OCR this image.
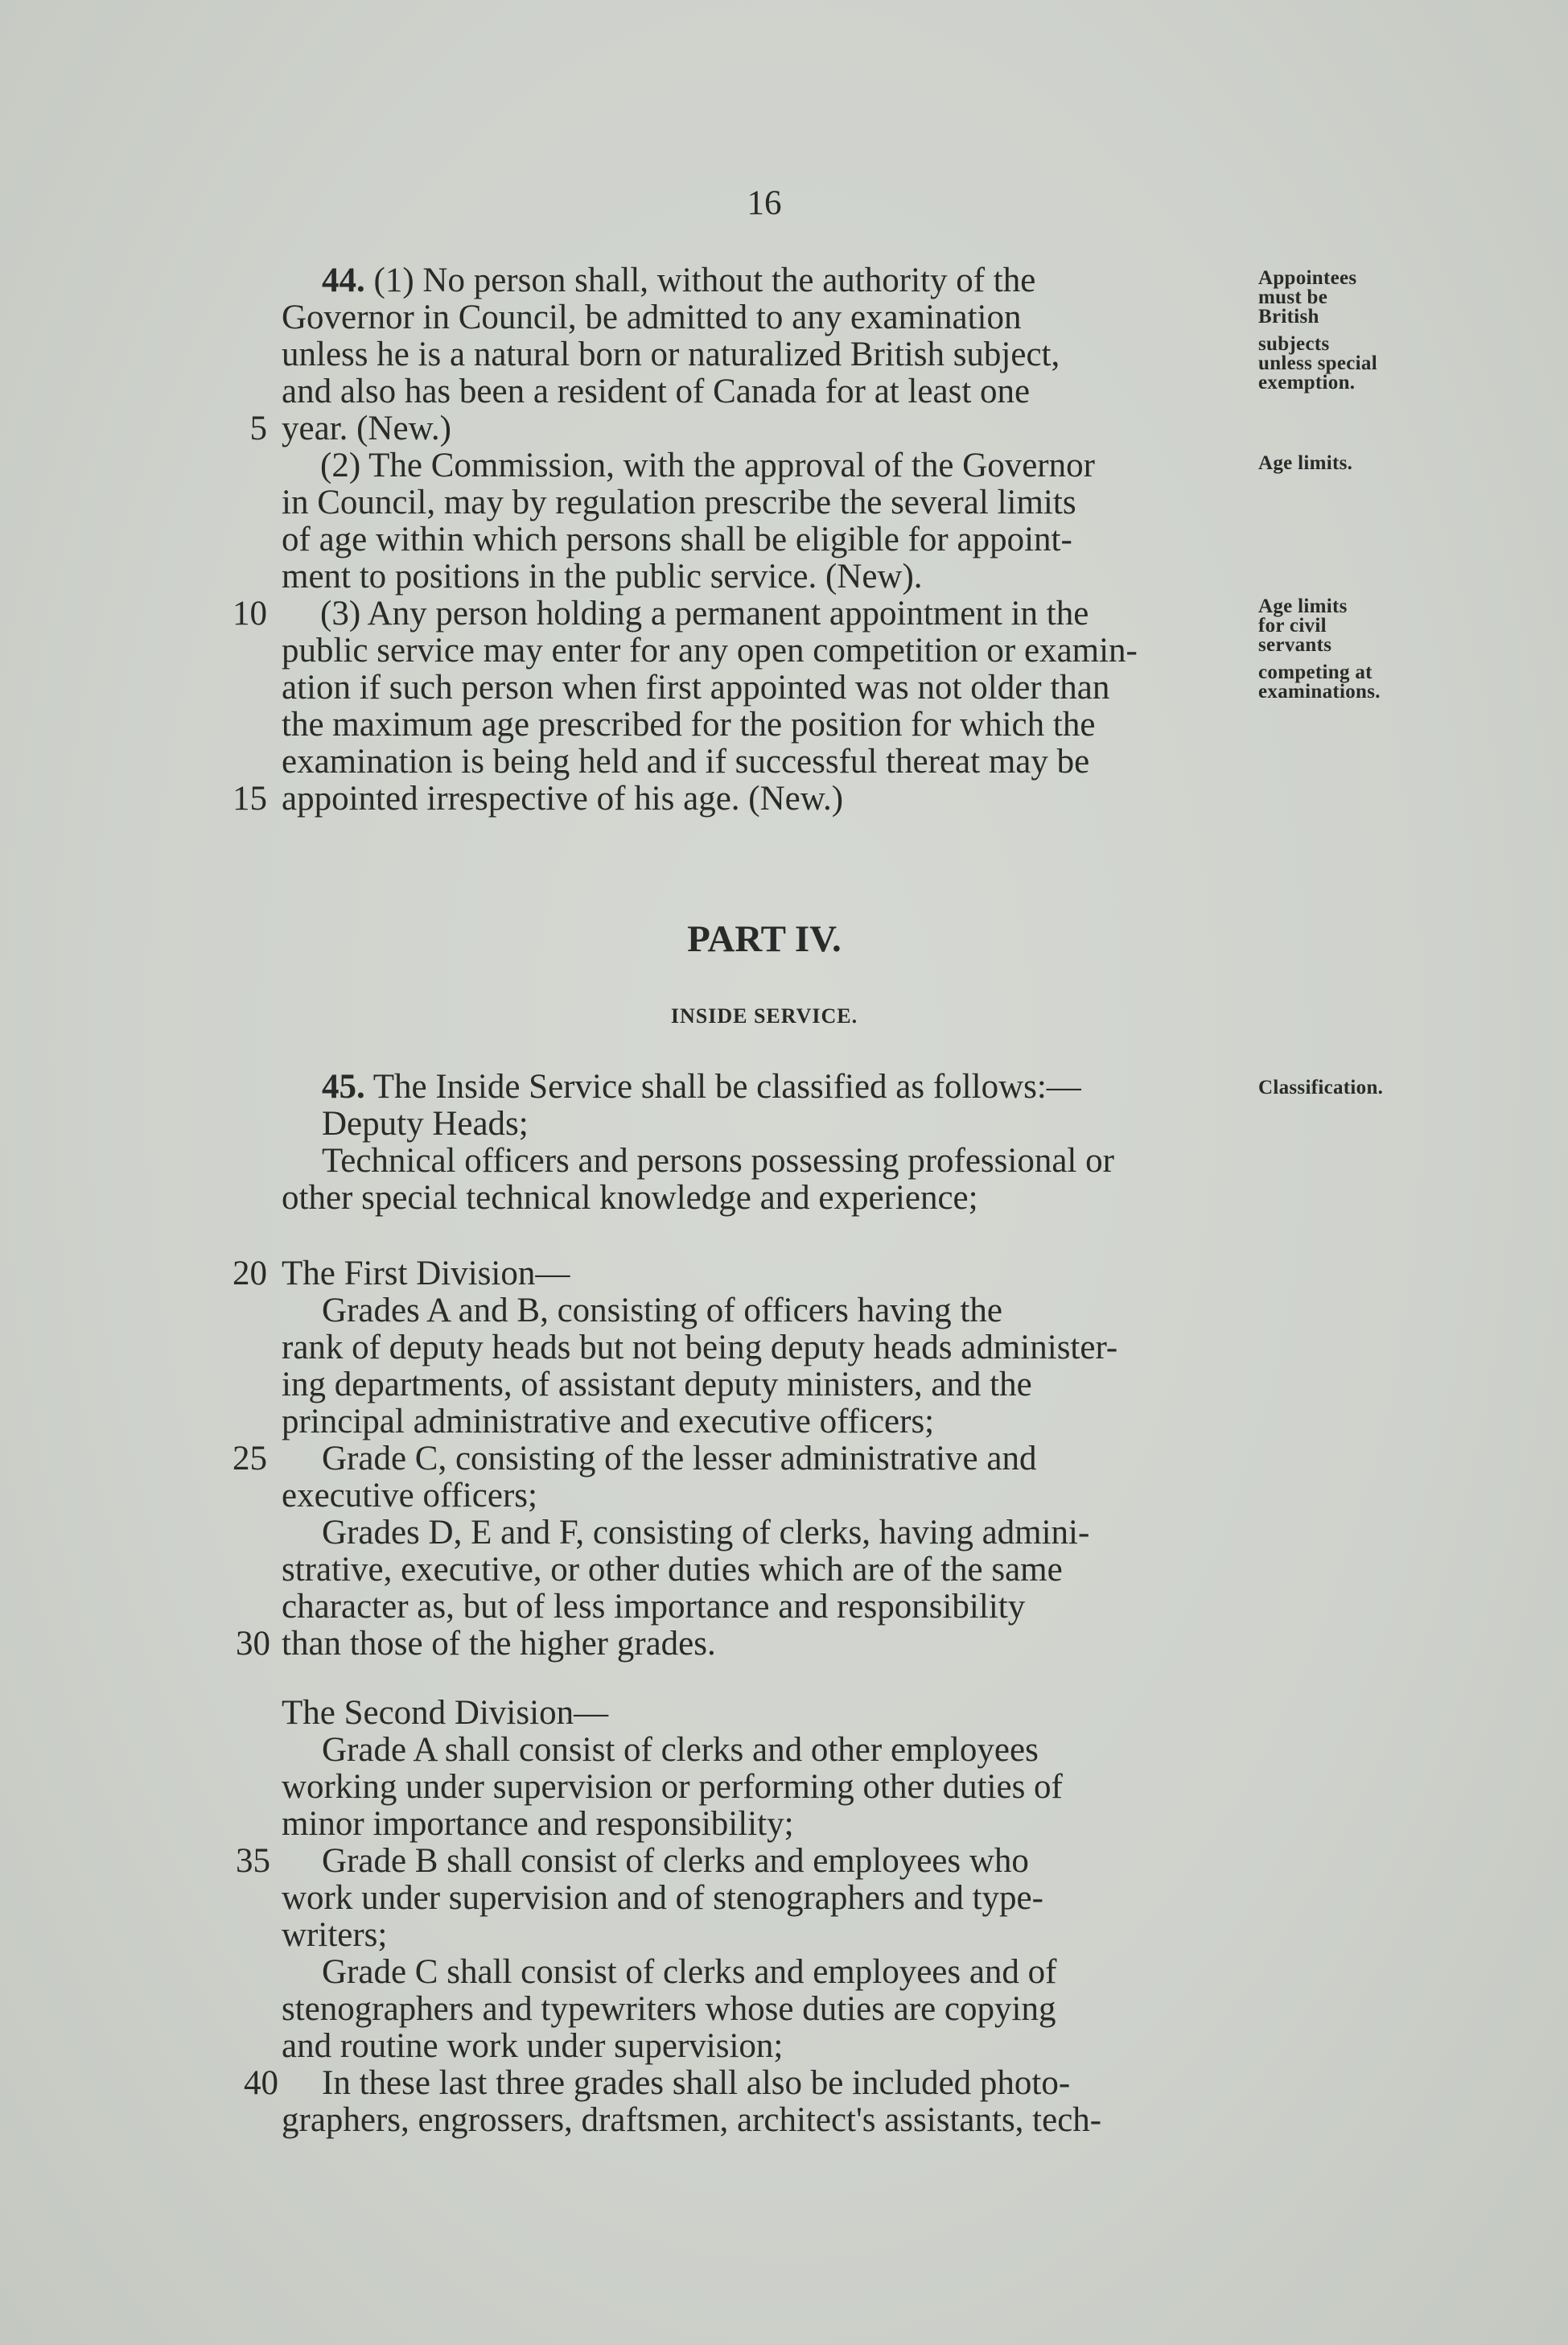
16
44. (1) No person shall, without the authority of the
Governor in Council, be admitted to any examination
unless he is a natural born or naturalized British subject,
and also has been a resident of Canada for at least one
year. (New.)
(2) The Commission, with the approval of the Governor
in Council, may by regulation prescribe the several limits
of age within which persons shall be eligible for appoint-
ment to positions in the public service. (New).
(3) Any person holding a permanent appointment in the
public service may enter for any open competition or examin-
ation if such person when first appointed was not older than
the maximum age prescribed for the position for which the
examination is being held and if successful thereat may be
appointed irrespective of his age. (New.)
PART IV.
INSIDE SERVICE.
45. The Inside Service shall be classified as follows:—
Deputy Heads;
Technical officers and persons possessing professional or
other special technical knowledge and experience;
The First Division—
Grades A and B, consisting of officers having the
rank of deputy heads but not being deputy heads administer-
ing departments, of assistant deputy ministers, and the
principal administrative and executive officers;
Grade C, consisting of the lesser administrative and
executive officers;
Grades D, E and F, consisting of clerks, having admini-
strative, executive, or other duties which are of the same
character as, but of less importance and responsibility
than those of the higher grades.
The Second Division—
Grade A shall consist of clerks and other employees
working under supervision or performing other duties of
minor importance and responsibility;
Grade B shall consist of clerks and employees who
work under supervision and of stenographers and type-
writers;
Grade C shall consist of clerks and employees and of
stenographers and typewriters whose duties are copying
and routine work under supervision;
In these last three grades shall also be included photo-
graphers, engrossers, draftsmen, architect's assistants, tech-
5
10
15
20
25
30
35
40
Appointees
must be
British
subjects
unless special
exemption.
Age limits.
Age limits
for civil
servants
competing at
examinations.
Classification.
